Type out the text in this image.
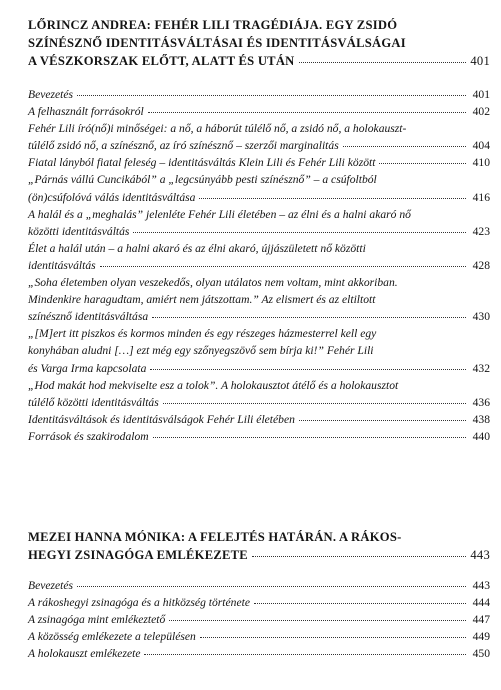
LŐRINCZ ANDREA: FEHÉR LILI TRAGÉDIÁJA. EGY ZSIDÓ
SZÍNÉSZNŐ IDENTITÁSVÁLTÁSAI ÉS IDENTITÁSVÁLSÁGAI
A VÉSZKORSZAK ELŐTT, ALATT ÉS UTÁN	401
Bevezetés	401
A felhasznált forrásokról	402
Fehér Lili író(nő)i minőségei: a nő, a háborút túlélő nő, a zsidó nő, a holokauszt-
túlélő zsidó nő, a színésznő, az író színésznő – szerzői marginalitás	404
Fiatal lányból fiatal feleség – identitásváltás Klein Lili és Fehér Lili között	410
„Párnás vállú Cuncikából” a „legcsúnyább pesti színésznő” – a csúfoltból
(ön)csúfolóvá válás identitásváltása	416
A halál és a „meghalás” jelenléte Fehér Lili életében – az élni és a halni akaró nő
közötti identitásváltás	423
Élet a halál után – a halni akaró és az élni akaró, újjászületett nő közötti
identitásváltás	428
„Soha életemben olyan veszekedős, olyan utálatos nem voltam, mint akkoriban.
Mindenkire haragudtam, amiért nem játszottam.” Az elismert és az eltiltott
színésznő identitásváltása	430
„[M]ert itt piszkos és kormos minden és egy részeges házmesterrel kell egy
konyhában aludni […] ezt még egy szőnyegszövő sem bírja ki!” Fehér Lili
és Varga Irma kapcsolata	432
„Hod makát hod mekviselte esz a tolok”. A holokausztot átélő és a holokausztot
túlélő közötti identitásváltás	436
Identitásváltások és identitásválságok Fehér Lili életében	438
Források és szakirodalom	440
MEZEI HANNA MÓNIKA: A FELEJTÉS HATÁRÁN. A RÁKOS-
HEGYI ZSINAGÓGA EMLÉKEZETE	443
Bevezetés	443
A rákoshegyi zsinagóga és a hitközség története	444
A zsinagóga mint emlékeztető	447
A közösség emlékezete a településen	449
A holokauszt emlékezete	450
